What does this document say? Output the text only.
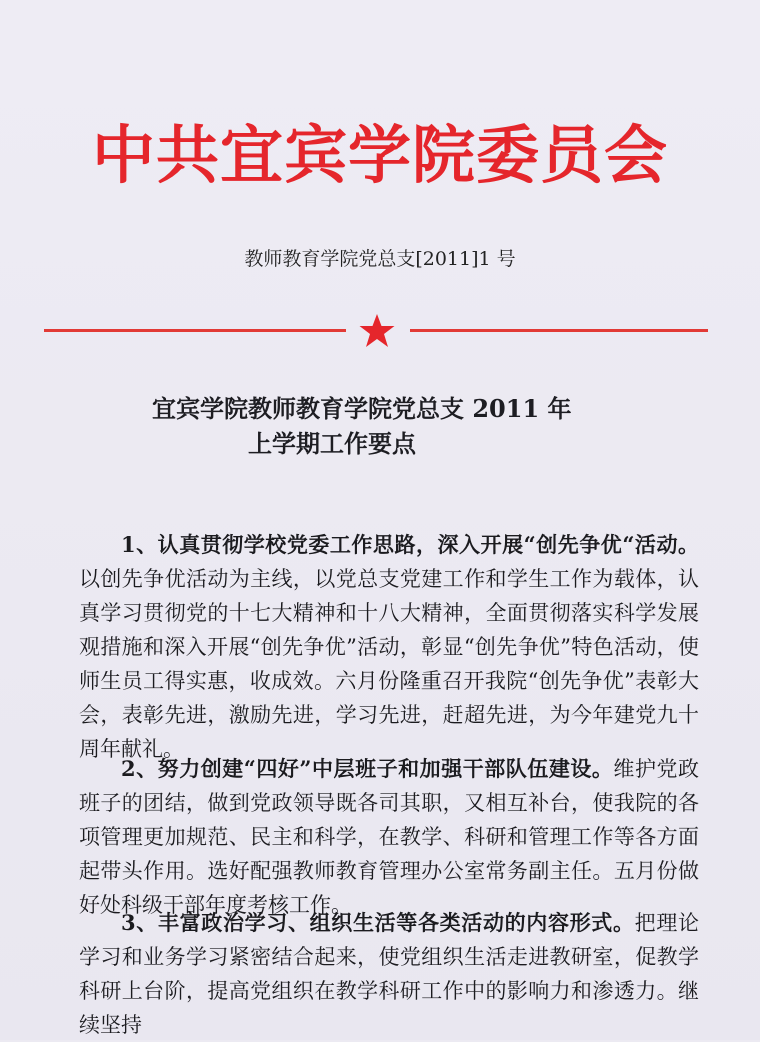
中共宜宾学院委员会
教师教育学院党总支[2011]1 号
宜宾学院教师教育学院党总支 2011 年
上学期工作要点

1、认真贯彻学校党委工作思路，深入开展“创先争优“活动。以创先争优活动为主线，以党总支党建工作和学生工作为载体，认真学习贯彻党的十七大精神和十八大精神，全面贯彻落实科学发展观措施和深入开展“创先争优”活动，彰显“创先争优”特色活动，使师生员工得实惠，收成效。六月份隆重召开我院“创先争优”表彰大会，表彰先进，激励先进，学习先进，赶超先进，为今年建党九十周年献礼。

2、努力创建“四好”中层班子和加强干部队伍建设。维护党政班子的团结，做到党政领导既各司其职，又相互补台，使我院的各项管理更加规范、民主和科学，在教学、科研和管理工作等各方面起带头作用。选好配强教师教育管理办公室常务副主任。五月份做好处科级干部年度考核工作。

3、丰富政治学习、组织生活等各类活动的内容形式。把理论学习和业务学习紧密结合起来，使党组织生活走进教研室，促教学科研上台阶，提高党组织在教学科研工作中的影响力和渗透力。继续坚持
